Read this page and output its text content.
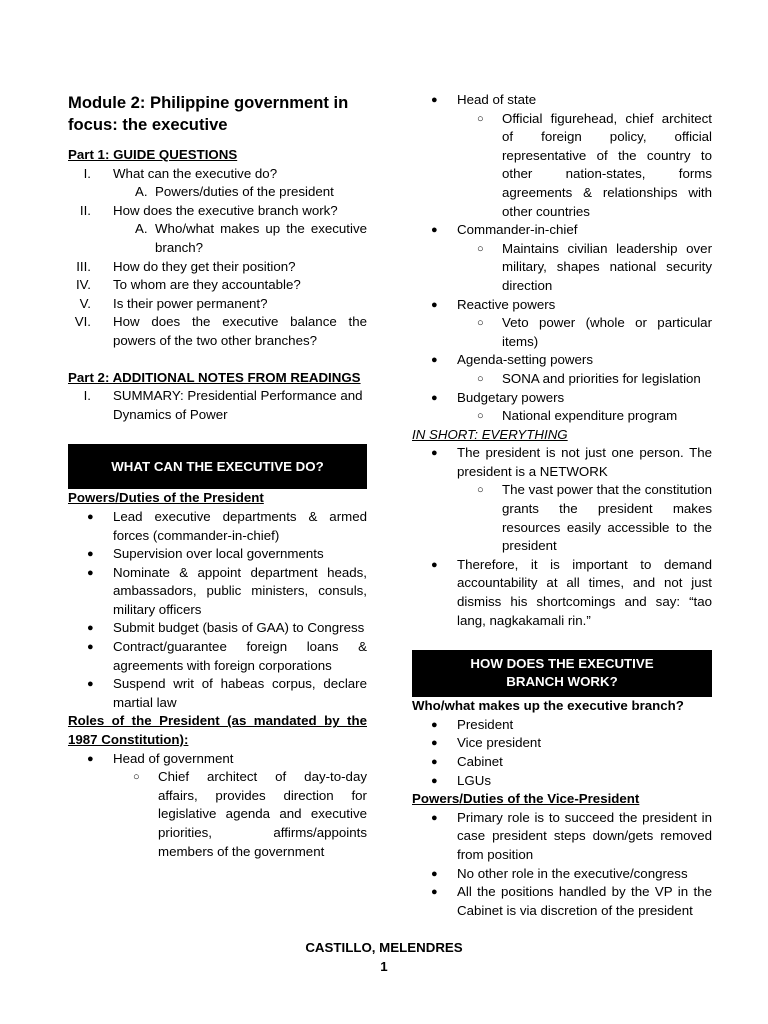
Module 2: Philippine government in focus: the executive
Part 1: GUIDE QUESTIONS
I. What can the executive do?
A. Powers/duties of the president
II. How does the executive branch work?
A. Who/what makes up the executive branch?
III. How do they get their position?
IV. To whom are they accountable?
V. Is their power permanent?
VI. How does the executive balance the powers of the two other branches?
Part 2: ADDITIONAL NOTES FROM READINGS
I. SUMMARY: Presidential Performance and Dynamics of Power
WHAT CAN THE EXECUTIVE DO?
Powers/Duties of the President
● Lead executive departments & armed forces (commander-in-chief)
● Supervision over local governments
● Nominate & appoint department heads, ambassadors, public ministers, consuls, military officers
● Submit budget (basis of GAA) to Congress
● Contract/guarantee foreign loans & agreements with foreign corporations
● Suspend writ of habeas corpus, declare martial law
Roles of the President (as mandated by the 1987 Constitution):
● Head of government
○ Chief architect of day-to-day affairs, provides direction for legislative agenda and executive priorities, affirms/appoints members of the government
● Head of state
○ Official figurehead, chief architect of foreign policy, official representative of the country to other nation-states, forms agreements & relationships with other countries
● Commander-in-chief
○ Maintains civilian leadership over military, shapes national security direction
● Reactive powers
○ Veto power (whole or particular items)
● Agenda-setting powers
○ SONA and priorities for legislation
● Budgetary powers
○ National expenditure program
IN SHORT: EVERYTHING
● The president is not just one person. The president is a NETWORK
○ The vast power that the constitution grants the president makes resources easily accessible to the president
● Therefore, it is important to demand accountability at all times, and not just dismiss his shortcomings and say: “tao lang, nagkakamali rin.”
HOW DOES THE EXECUTIVE
BRANCH WORK?
Who/what makes up the executive branch?
● President
● Vice president
● Cabinet
● LGUs
Powers/Duties of the Vice-President
● Primary role is to succeed the president in case president steps down/gets removed from position
● No other role in the executive/congress
● All the positions handled by the VP in the Cabinet is via discretion of the president
CASTILLO, MELENDRES
1
